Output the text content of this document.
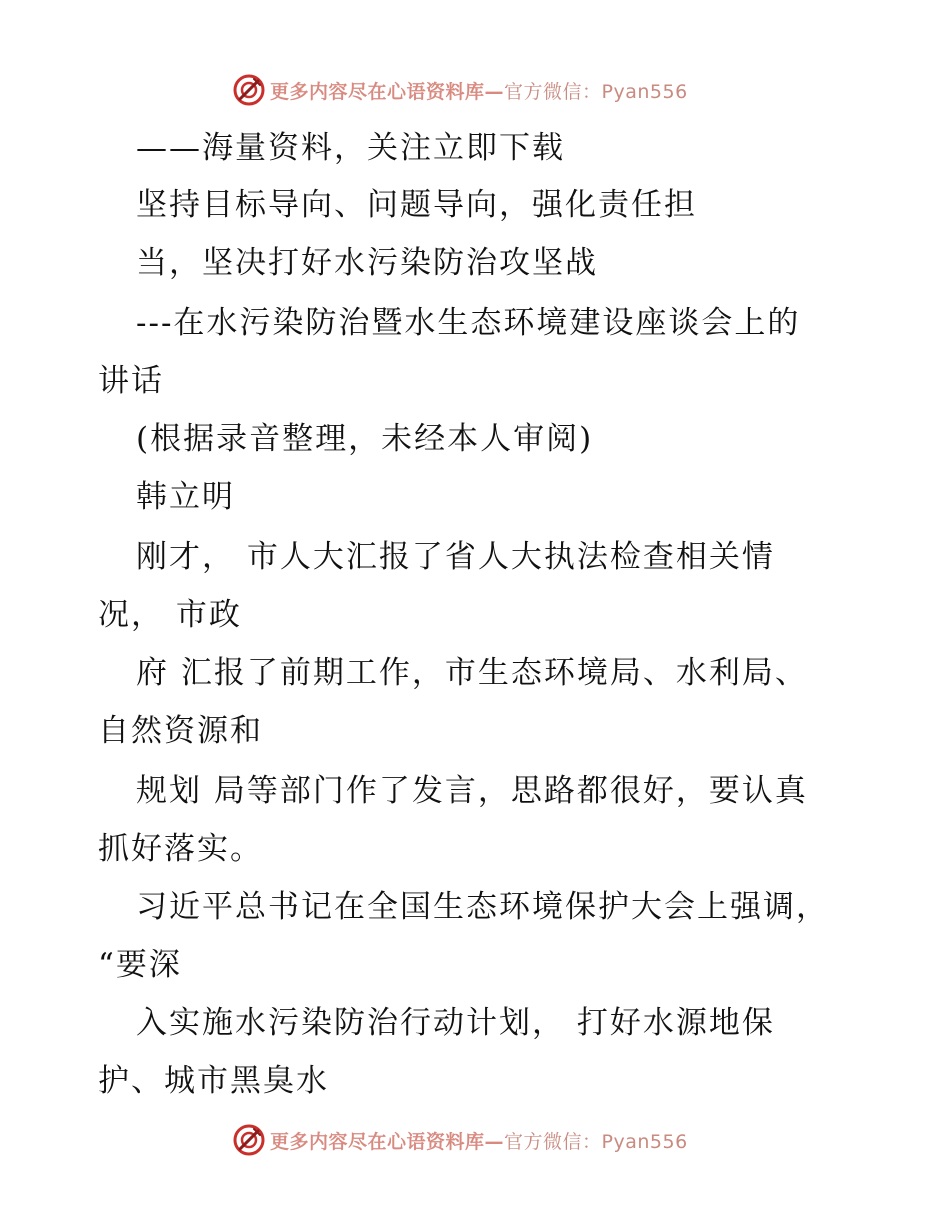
更多内容尽在心语资料库—官方微信：Pyan556
——海量资料，关注立即下载
坚持目标导向、问题导向，强化责任担
当，坚决打好水污染防治攻坚战
---在水污染防治暨水生态环境建设座谈会上的
讲话
(根据录音整理，未经本人审阅)
韩立明
刚才， 市人大汇报了省人大执法检查相关情
况， 市政
府 汇报了前期工作，市生态环境局、水利局、
自然资源和
规划 局等部门作了发言，思路都很好，要认真
抓好落实。
习近平总书记在全国生态环境保护大会上强调，
“要深
入实施水污染防治行动计划， 打好水源地保
护、城市黑臭水
更多内容尽在心语资料库—官方微信：Pyan556
